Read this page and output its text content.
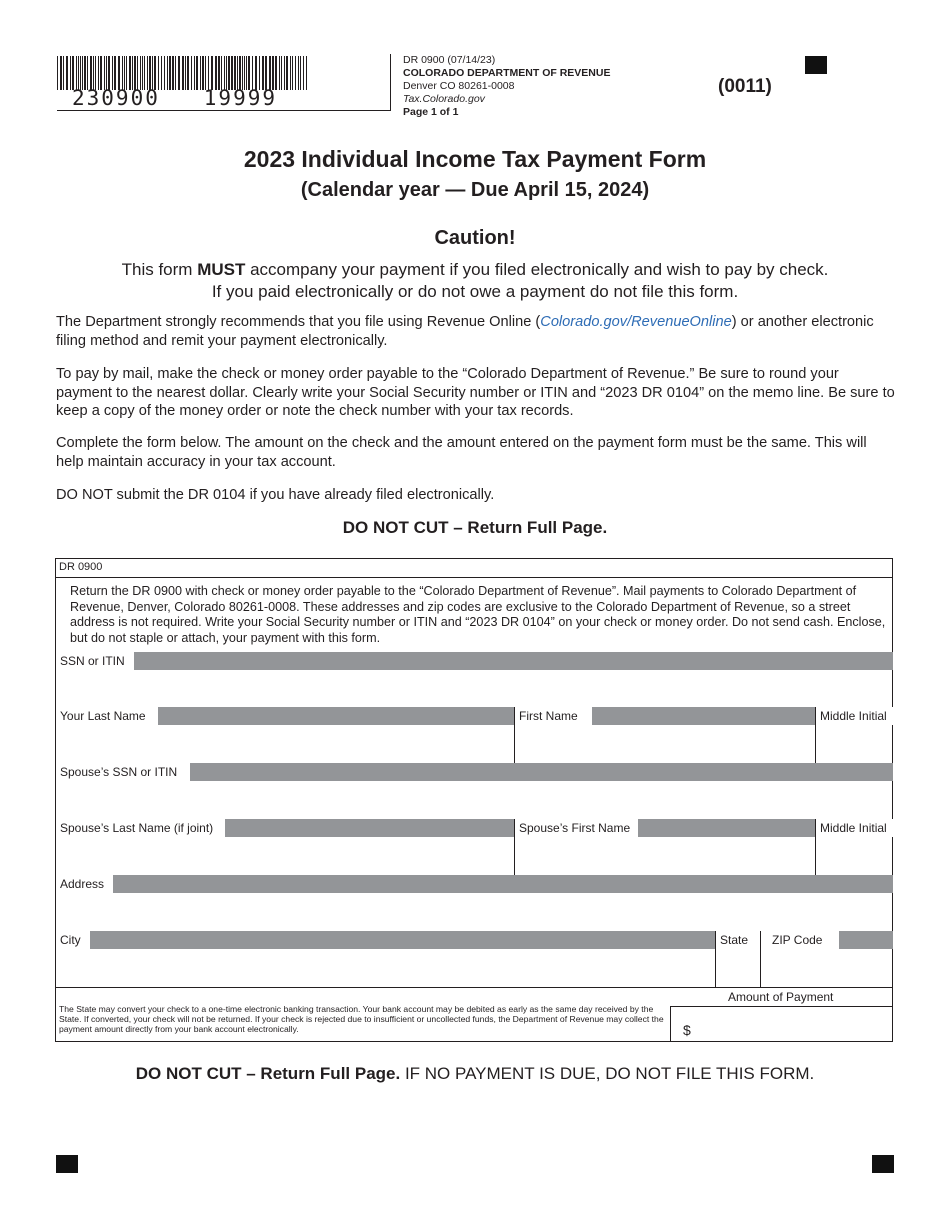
230900   19999
DR 0900 (07/14/23)
COLORADO DEPARTMENT OF REVENUE
Denver CO 80261-0008
Tax.Colorado.gov
Page 1 of 1
(0011)
2023 Individual Income Tax Payment Form
(Calendar year — Due April 15, 2024)
Caution!
This form MUST accompany your payment if you filed electronically and wish to pay by check.
If you paid electronically or do not owe a payment do not file this form.
The Department strongly recommends that you file using Revenue Online (Colorado.gov/RevenueOnline) or another electronic filing method and remit your payment electronically.
To pay by mail, make the check or money order payable to the “Colorado Department of Revenue.” Be sure to round your payment to the nearest dollar. Clearly write your Social Security number or ITIN and “2023 DR 0104” on the memo line. Be sure to keep a copy of the money order or note the check number with your tax records.
Complete the form below. The amount on the check and the amount entered on the payment form must be the same. This will help maintain accuracy in your tax account.
DO NOT submit the DR 0104 if you have already filed electronically.
DO NOT CUT – Return Full Page.
DR 0900
Return the DR 0900 with check or money order payable to the “Colorado Department of Revenue”. Mail payments to Colorado Department of Revenue, Denver, Colorado 80261-0008. These addresses and zip codes are exclusive to the Colorado Department of Revenue, so a street address is not required. Write your Social Security number or ITIN and “2023 DR 0104” on your check or money order. Do not send cash. Enclose, but do not staple or attach, your payment with this form.
SSN or ITIN
Your Last Name	First Name	Middle Initial
Spouse’s SSN or ITIN
Spouse’s Last Name (if joint)	Spouse’s First Name	Middle Initial
Address
City	State	ZIP Code
Amount of Payment
$
The State may convert your check to a one-time electronic banking transaction. Your bank account may be debited as early as the same day received by the State. If converted, your check will not be returned. If your check is rejected due to insufficient or uncollected funds, the Department of Revenue may collect the payment amount directly from your bank account electronically.
DO NOT CUT – Return Full Page. IF NO PAYMENT IS DUE, DO NOT FILE THIS FORM.
